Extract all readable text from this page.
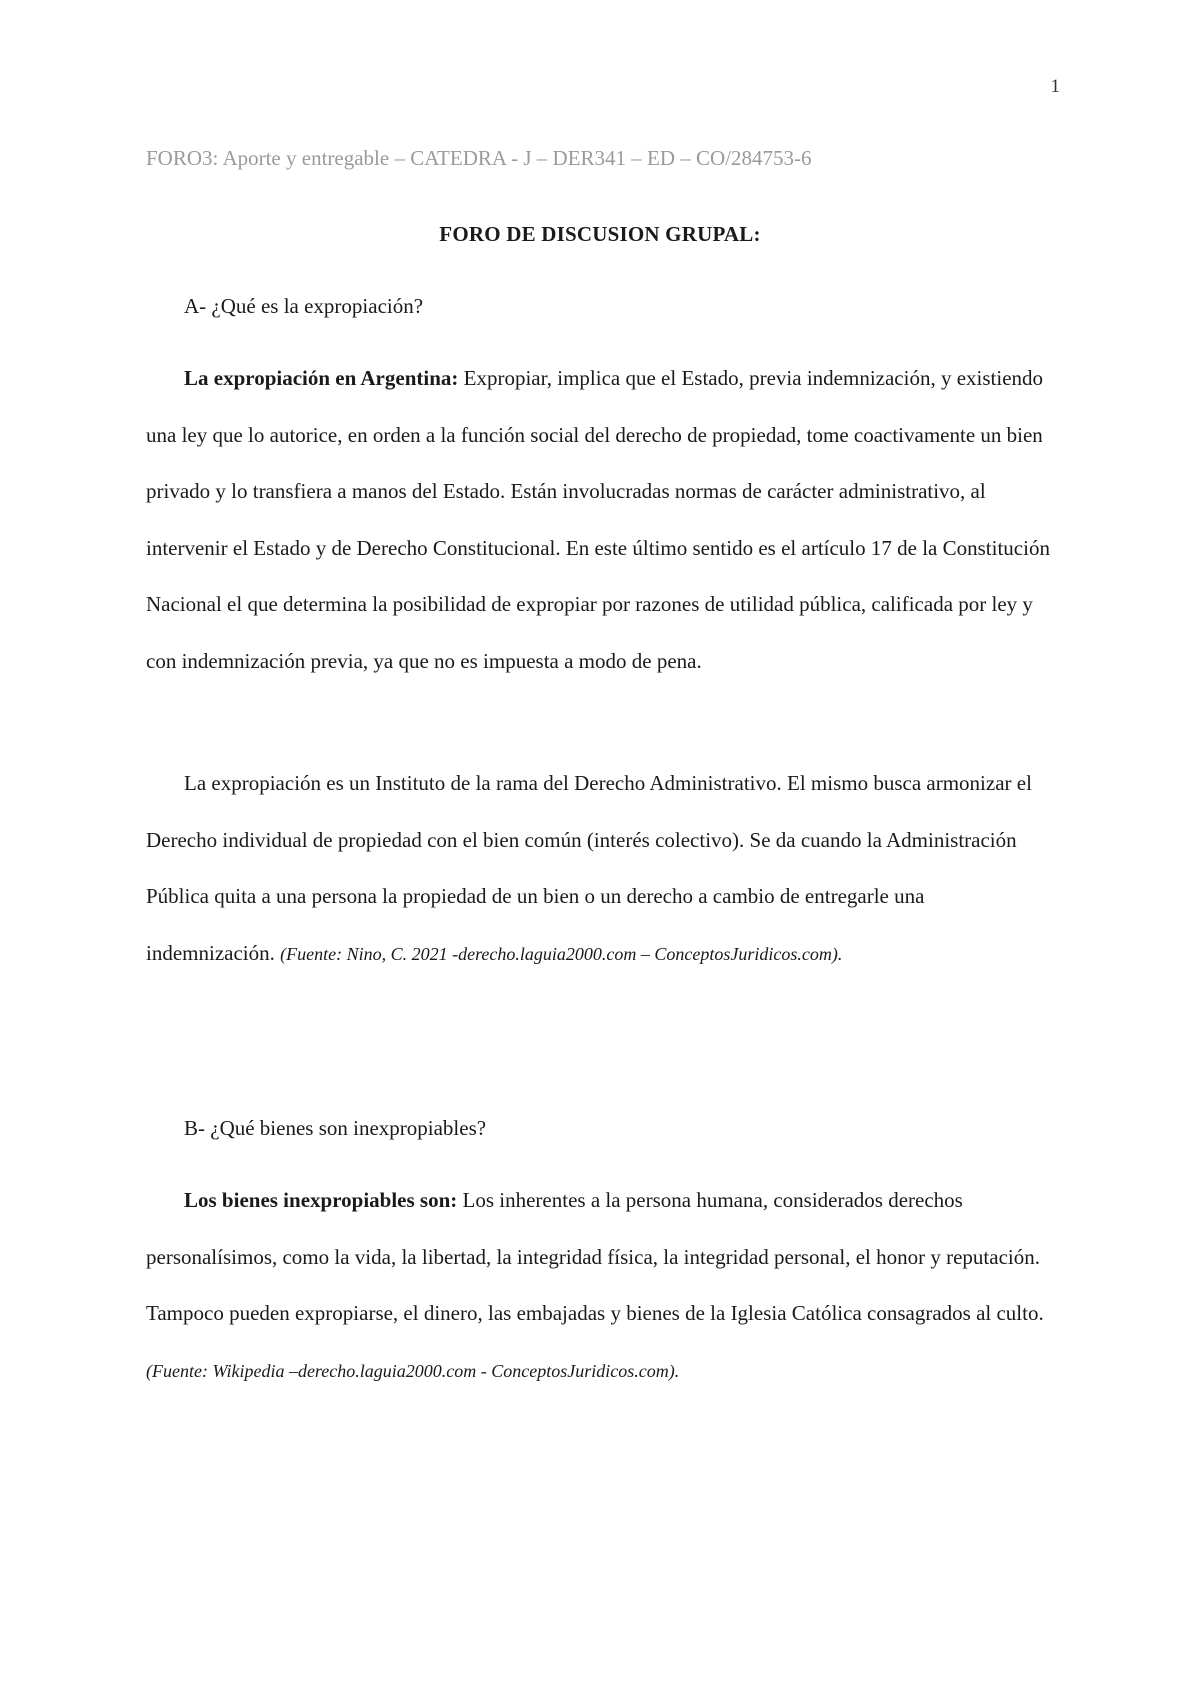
1
FORO3: Aporte y entregable – CATEDRA - J – DER341 – ED – CO/284753-6
FORO DE DISCUSION GRUPAL:
A- ¿Qué es la expropiación?

La expropiación en Argentina: Expropiar, implica que el Estado, previa indemnización, y existiendo una ley que lo autorice, en orden a la función social del derecho de propiedad, tome coactivamente un bien privado y lo transfiera a manos del Estado. Están involucradas normas de carácter administrativo, al intervenir el Estado y de Derecho Constitucional. En este último sentido es el artículo 17 de la Constitución Nacional el que determina la posibilidad de expropiar por razones de utilidad pública, calificada por ley y con indemnización previa, ya que no es impuesta a modo de pena.

La expropiación es un Instituto de la rama del Derecho Administrativo. El mismo busca armonizar el Derecho individual de propiedad con el bien común (interés colectivo). Se da cuando la Administración Pública quita a una persona la propiedad de un bien o un derecho a cambio de entregarle una indemnización. (Fuente: Nino, C. 2021 -derecho.laguia2000.com – ConceptosJuridicos.com).

B- ¿Qué bienes son inexpropiables?

Los bienes inexpropiables son: Los inherentes a la persona humana, considerados derechos personalísimos, como la vida, la libertad, la integridad física, la integridad personal, el honor y reputación. Tampoco pueden expropiarse, el dinero, las embajadas y bienes de la Iglesia Católica consagrados al culto. (Fuente: Wikipedia –derecho.laguia2000.com - ConceptosJuridicos.com).
